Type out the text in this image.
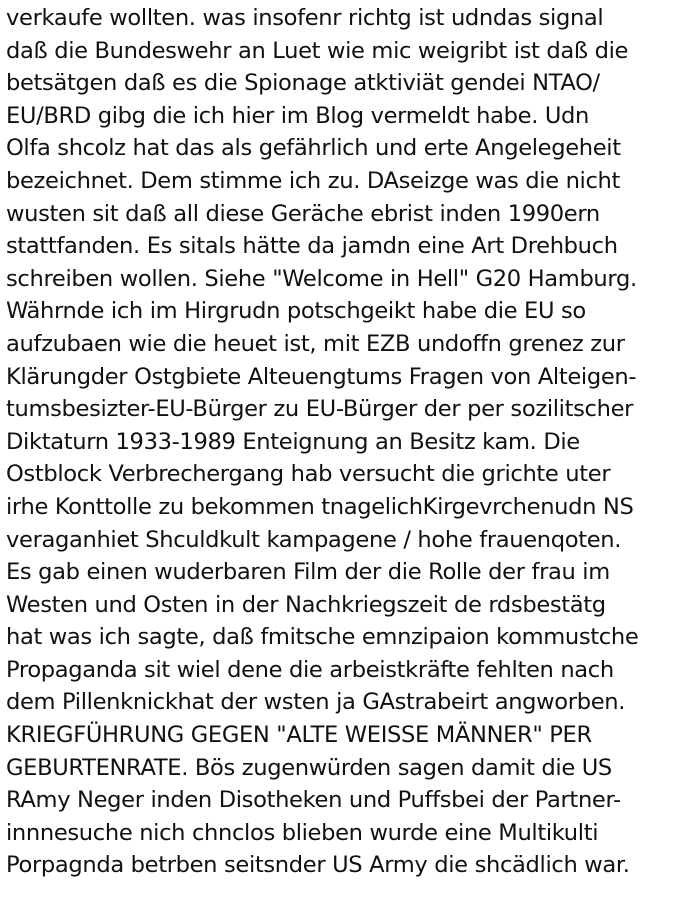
verkaufe wollten. was insofenr richtg ist udndas signal
daß die Bundeswehr an Luet wie mic weigribt ist daß die
betsätgen daß es die Spionage atktiviät gendei NTAO/
EU/BRD gibg die ich hier im Blog vermeldt habe. Udn
Olfa shcolz hat das als gefährlich und erte Angelegeheit
bezeichnet. Dem stimme ich zu. DAseizge was die nicht
wusten sit daß all diese Geräche ebrist inden 1990ern
stattfanden. Es sitals hätte da jamdn eine Art Drehbuch
schreiben wollen. Siehe "Welcome in Hell" G20 Hamburg.
Währnde ich im Hirgrudn potschgeikt habe die EU so
aufzubaen wie die heuet ist, mit EZB undoffn grenez zur
Klärungder Ostgbiete Alteuengtums Fragen von Alteigen-
tumsbesizter-EU-Bürger zu EU-Bürger der per sozilitscher
Diktaturn 1933-1989 Enteignung an Besitz kam. Die
Ostblock Verbrechergang hab versucht die grichte uter
irhe Konttolle zu bekommen tnagelichKirgevrchenudn NS
veraganhiet Shculdkult kampagene / hohe frauenqoten.
Es gab einen wuderbaren Film der die Rolle der frau im
Westen und Osten in der Nachkriegszeit de rdsbestätg
hat was ich sagte, daß fmitsche emnzipaion kommustche
Propaganda sit wiel dene die arbeistkräfte fehlten nach
dem Pillenknickhat der wsten ja GAstrabeirt angworben.
KRIEGFÜHRUNG GEGEN "ALTE WEISSE MÄNNER" PER
GEBURTENRATE. Bös zugenwürden sagen damit die US
RAmy Neger inden Disotheken und Puffsbei der Partner-
innnesuche nich chnclos blieben wurde eine Multikulti
Porpagnda betrben seitsnder US Army die shcädlich war.
